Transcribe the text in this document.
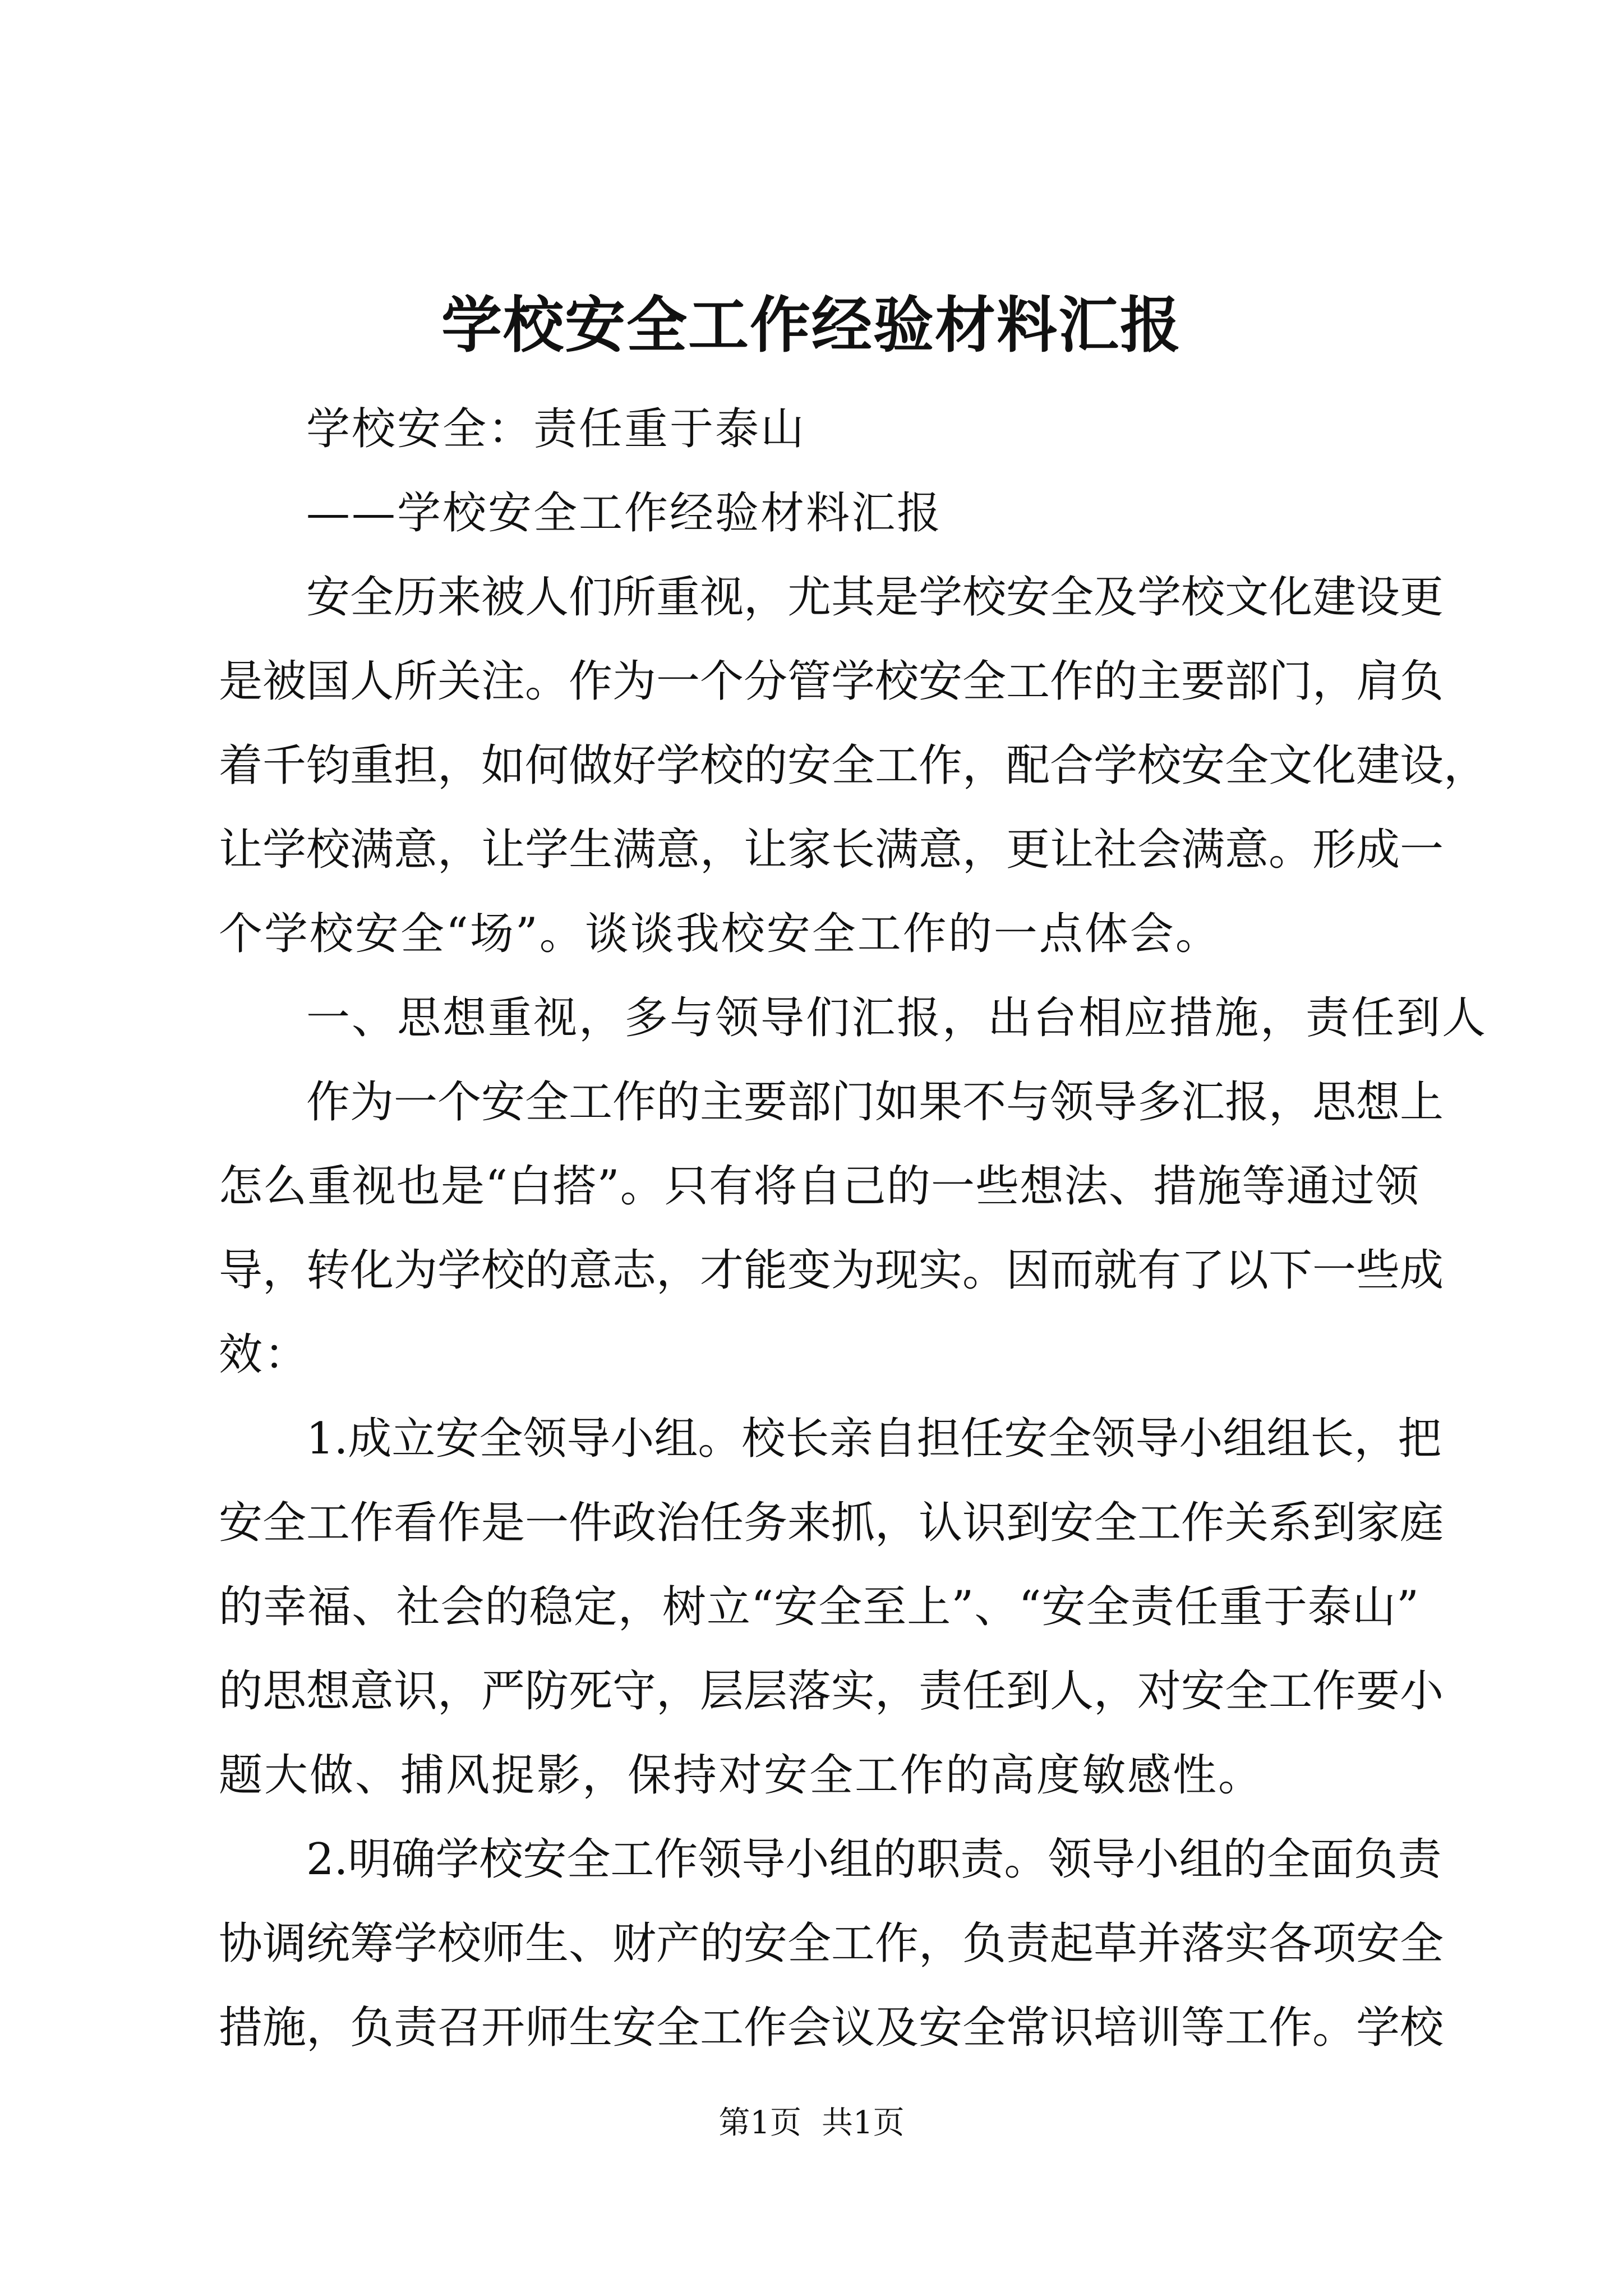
学校安全工作经验材料汇报
学校安全：责任重于泰山
——学校安全工作经验材料汇报
安全历来被人们所重视，尤其是学校安全及学校文化建设更
是被国人所关注。作为一个分管学校安全工作的主要部门，肩负
着千钧重担，如何做好学校的安全工作，配合学校安全文化建设，
让学校满意，让学生满意，让家长满意，更让社会满意。形成一
个学校安全“场”。谈谈我校安全工作的一点体会。
一、思想重视，多与领导们汇报，出台相应措施，责任到人
作为一个安全工作的主要部门如果不与领导多汇报，思想上
怎么重视也是“白搭”。只有将自己的一些想法、措施等通过领
导，转化为学校的意志，才能变为现实。因而就有了以下一些成
效：
1.成立安全领导小组。校长亲自担任安全领导小组组长，把
安全工作看作是一件政治任务来抓，认识到安全工作关系到家庭
的幸福、社会的稳定，树立“安全至上”、“安全责任重于泰山”
的思想意识，严防死守，层层落实，责任到人，对安全工作要小
题大做、捕风捉影，保持对安全工作的高度敏感性。
2.明确学校安全工作领导小组的职责。领导小组的全面负责
协调统筹学校师生、财产的安全工作，负责起草并落实各项安全
措施，负责召开师生安全工作会议及安全常识培训等工作。学校
第1页 共1页
